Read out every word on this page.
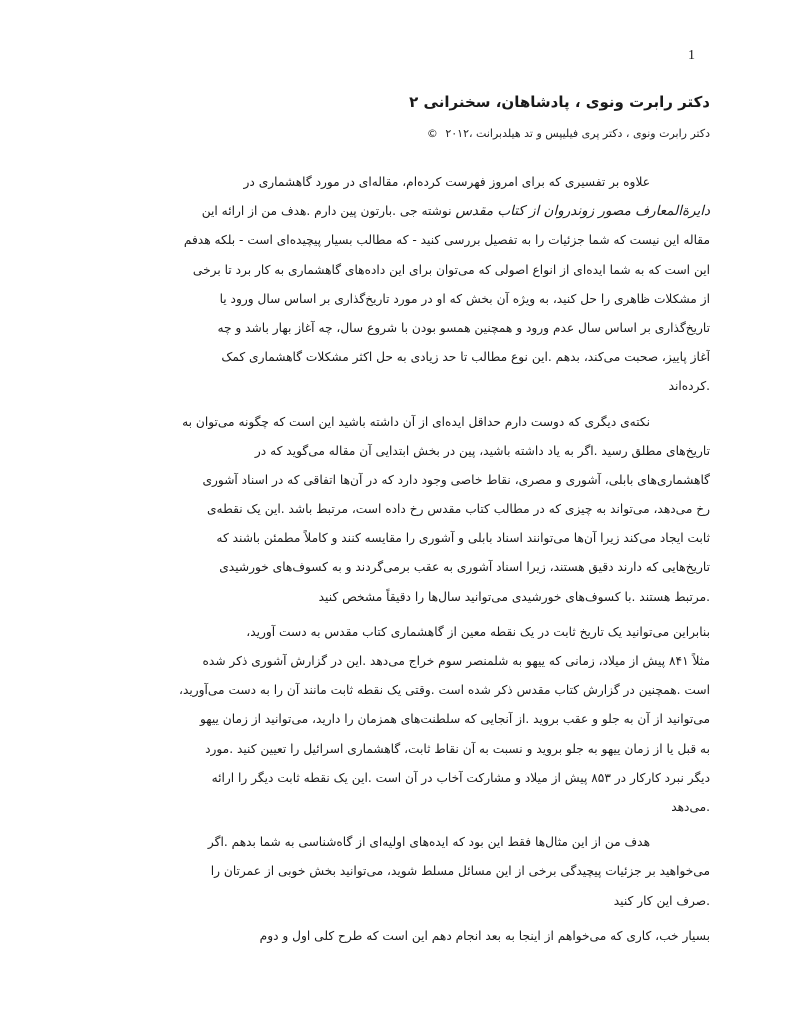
1
دکتر رابرت ونوی ، پادشاهان، سخنرانی ۲
دکتر رابرت ونوی ، دکتر پری فیلیپس و تد هیلدبرانت ،۲۰۱۲ ©
علاوه بر تفسیری که برای امروز فهرست کرده‌ام، مقاله‌ای در مورد گاهشماری در
دایرةالمعارف مصور زوندروان از کتاب مقدس نوشته جی .بارتون پین دارم .هدف من از ارائه این
مقاله این نیست که شما جزئیات را به تفصیل بررسی کنید - که مطالب بسیار پیچیده‌ای است - بلکه هدفم
این است که به شما ایده‌ای از انواع اصولی که می‌توان برای این داده‌های گاهشماری به کار برد تا برخی
از مشکلات ظاهری را حل کنید، به ویژه آن بخش که او در مورد تاریخ‌گذاری بر اساس سال ورود یا
تاریخ‌گذاری بر اساس سال عدم ورود و همچنین همسو بودن با شروع سال، چه آغاز بهار باشد و چه
آغاز پاییز، صحبت می‌کند، بدهم .این نوع مطالب تا حد زیادی به حل اکثر مشکلات گاهشماری کمک
.کرده‌اند
نکته‌ی دیگری که دوست دارم حداقل ایده‌ای از آن داشته باشید این است که چگونه می‌توان به
تاریخ‌های مطلق رسید .اگر به یاد داشته باشید، پین در بخش ابتدایی آن مقاله می‌گوید که در
گاهشماری‌های بابلی، آشوری و مصری، نقاط خاصی وجود دارد که در آن‌ها اتفاقی که در اسناد آشوری
رخ می‌دهد، می‌تواند به چیزی که در مطالب کتاب مقدس رخ داده است، مرتبط باشد .این یک نقطه‌ی
ثابت ایجاد می‌کند زیرا آن‌ها می‌توانند اسناد بابلی و آشوری را مقایسه کنند و کاملاً مطمئن باشند که
تاریخ‌هایی که دارند دقیق هستند، زیرا اسناد آشوری به عقب برمی‌گردند و به کسوف‌های خورشیدی
.مرتبط هستند .با کسوف‌های خورشیدی می‌توانید سال‌ها را دقیقاً مشخص کنید
بنابراین می‌توانید یک تاریخ ثابت در یک نقطه معین از گاهشماری کتاب مقدس به دست آورید،
مثلاً ۸۴۱ پیش از میلاد، زمانی که ییهو به شلمنصر سوم خراج می‌دهد .این در گزارش آشوری ذکر شده
است .همچنین در گزارش کتاب مقدس ذکر شده است .وقتی یک نقطه ثابت مانند آن را به دست می‌آورید،
می‌توانید از آن به جلو و عقب بروید .از آنجایی که سلطنت‌های همزمان را دارید، می‌توانید از زمان ییهو
به قبل یا از زمان ییهو به جلو بروید و نسبت به آن نقاط ثابت، گاهشماری اسرائیل را تعیین کنید .مورد
دیگر نبرد کارکار در ۸۵۳ پیش از میلاد و مشارکت آخاب در آن است .این یک نقطه ثابت دیگر را ارائه
.می‌دهد
هدف من از این مثال‌ها فقط این بود که ایده‌های اولیه‌ای از گاه‌شناسی به شما بدهم .اگر
می‌خواهید بر جزئیات پیچیدگی برخی از این مسائل مسلط شوید، می‌توانید بخش خوبی از عمرتان را
.صرف این کار کنید
بسیار خب، کاری که می‌خواهم از اینجا به بعد انجام دهم این است که طرح کلی اول و دوم
